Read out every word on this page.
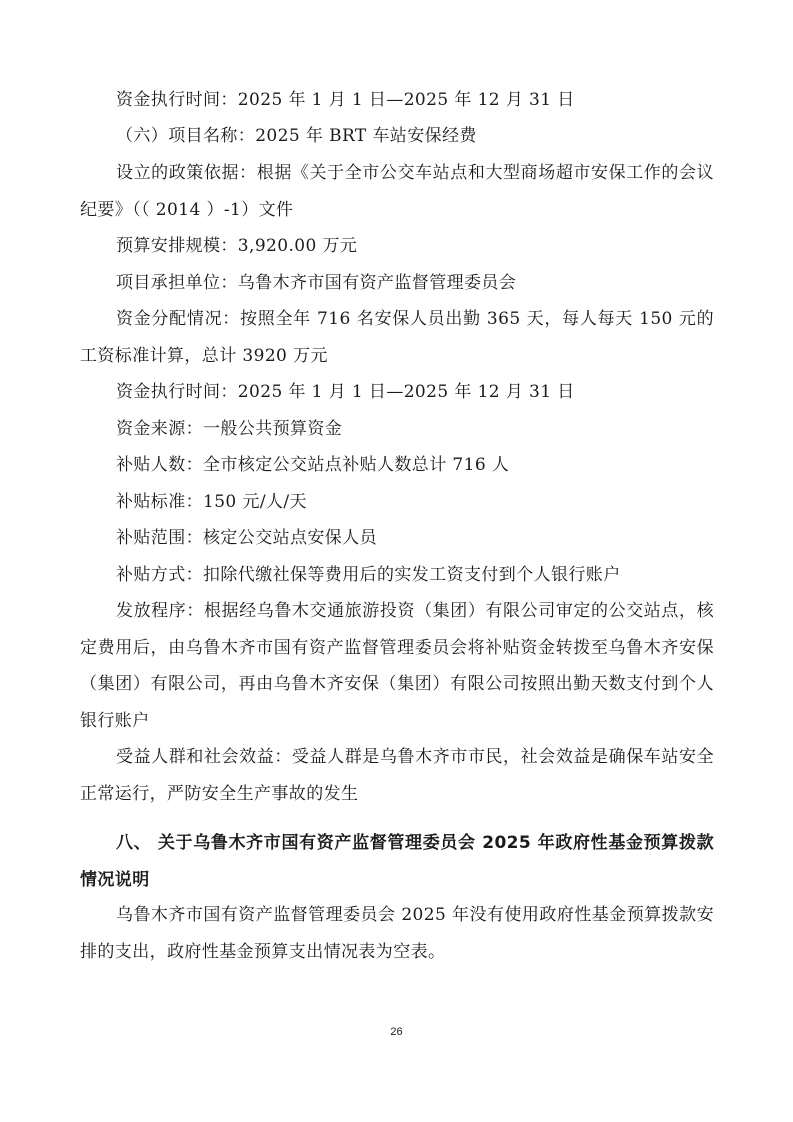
资金执行时间：2025 年 1 月 1 日—2025 年 12 月 31 日

（六）项目名称：2025 年 BRT 车站安保经费

设立的政策依据：根据《关于全市公交车站点和大型商场超市安保工作的会议纪要》（（ 2014 ）-1）文件

预算安排规模：3,920.00 万元

项目承担单位：乌鲁木齐市国有资产监督管理委员会

资金分配情况：按照全年 716 名安保人员出勤 365 天，每人每天 150 元的工资标准计算，总计 3920 万元

资金执行时间：2025 年 1 月 1 日—2025 年 12 月 31 日

资金来源：一般公共预算资金

补贴人数：全市核定公交站点补贴人数总计 716 人

补贴标准：150 元/人/天

补贴范围：核定公交站点安保人员

补贴方式：扣除代缴社保等费用后的实发工资支付到个人银行账户

发放程序：根据经乌鲁木交通旅游投资（集团）有限公司审定的公交站点，核定费用后，由乌鲁木齐市国有资产监督管理委员会将补贴资金转拨至乌鲁木齐安保（集团）有限公司，再由乌鲁木齐安保（集团）有限公司按照出勤天数支付到个人银行账户

受益人群和社会效益：受益人群是乌鲁木齐市市民，社会效益是确保车站安全正常运行，严防安全生产事故的发生

八、 关于乌鲁木齐市国有资产监督管理委员会 2025 年政府性基金预算拨款情况说明

乌鲁木齐市国有资产监督管理委员会 2025 年没有使用政府性基金预算拨款安排的支出，政府性基金预算支出情况表为空表。

26
